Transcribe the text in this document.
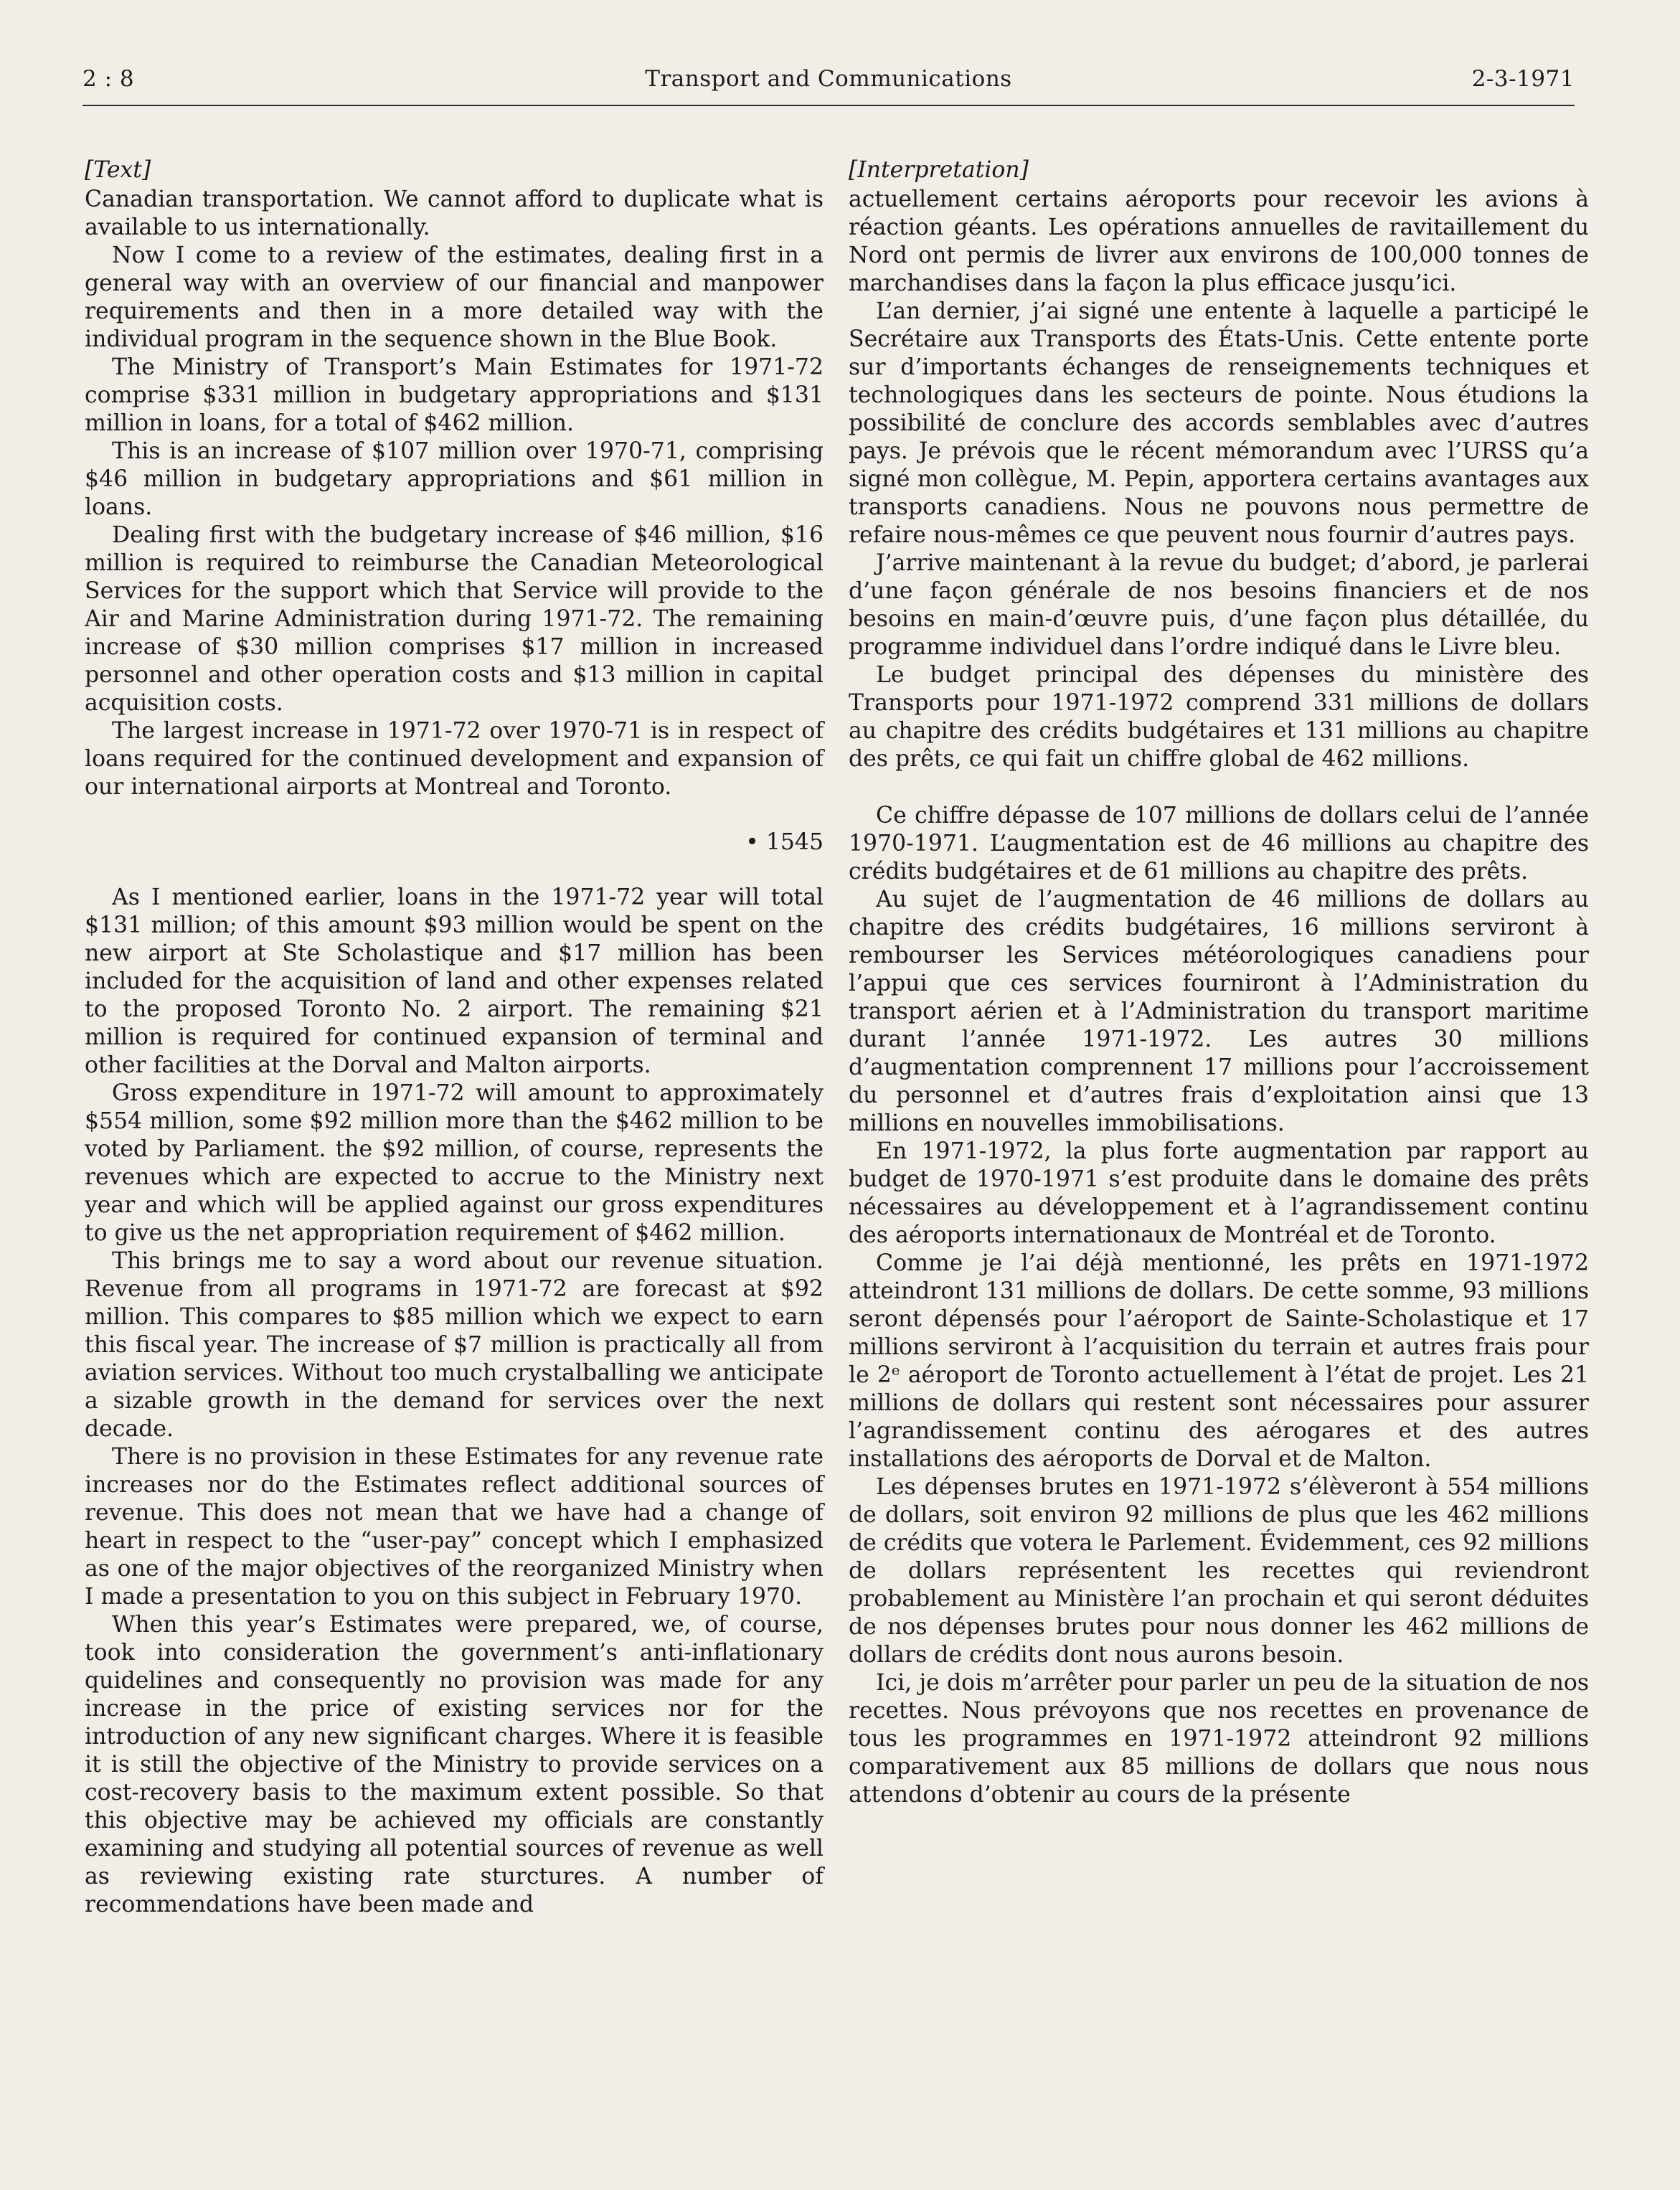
2 : 8	Transport and Communications	2-3-1971
[Text]

Canadian transportation. We cannot afford to duplicate what is available to us internationally.

Now I come to a review of the estimates, dealing first in a general way with an overview of our financial and manpower requirements and then in a more detailed way with the individual program in the sequence shown in the Blue Book.

The Ministry of Transport’s Main Estimates for 1971-72 comprise $331 million in budgetary appropriations and $131 million in loans, for a total of $462 million.

This is an increase of $107 million over 1970-71, comprising $46 million in budgetary appropriations and $61 million in loans.

Dealing first with the budgetary increase of $46 million, $16 million is required to reimburse the Canadian Meteorological Services for the support which that Service will provide to the Air and Marine Administration during 1971-72. The remaining increase of $30 million comprises $17 million in increased personnel and other operation costs and $13 million in capital acquisition costs.

The largest increase in 1971-72 over 1970-71 is in respect of loans required for the continued development and expansion of our international airports at Montreal and Toronto.

• 1545

As I mentioned earlier, loans in the 1971-72 year will total $131 million; of this amount $93 million would be spent on the new airport at Ste Scholastique and $17 million has been included for the acquisition of land and other expenses related to the proposed Toronto No. 2 airport. The remaining $21 million is required for continued expansion of terminal and other facilities at the Dorval and Malton airports.

Gross expenditure in 1971-72 will amount to approximately $554 million, some $92 million more than the $462 million to be voted by Parliament. the $92 million, of course, represents the revenues which are expected to accrue to the Ministry next year and which will be applied against our gross expenditures to give us the net appropriation requirement of $462 million.

This brings me to say a word about our revenue situation. Revenue from all programs in 1971-72 are forecast at $92 million. This compares to $85 million which we expect to earn this fiscal year. The increase of $7 million is practically all from aviation services. Without too much crystalballing we anticipate a sizable growth in the demand for services over the next decade.

There is no provision in these Estimates for any revenue rate increases nor do the Estimates reflect additional sources of revenue. This does not mean that we have had a change of heart in respect to the “user-pay” concept which I emphasized as one of the major objectives of the reorganized Ministry when I made a presentation to you on this subject in February 1970.

When this year’s Estimates were prepared, we, of course, took into consideration the government’s anti-inflationary quidelines and consequently no provision was made for any increase in the price of existing services nor for the introduction of any new significant charges. Where it is feasible it is still the objective of the Ministry to provide services on a cost-recovery basis to the maximum extent possible. So that this objective may be achieved my officials are constantly examining and studying all potential sources of revenue as well as reviewing existing rate sturctures. A number of recommendations have been made and

[Interpretation]

actuellement certains aéroports pour recevoir les avions à réaction géants. Les opérations annuelles de ravitaillement du Nord ont permis de livrer aux environs de 100,000 tonnes de marchandises dans la façon la plus efficace jusqu’ici.

L’an dernier, j’ai signé une entente à laquelle a participé le Secrétaire aux Transports des États-Unis. Cette entente porte sur d’importants échanges de renseignements techniques et technologiques dans les secteurs de pointe. Nous étudions la possibilité de conclure des accords semblables avec d’autres pays. Je prévois que le récent mémorandum avec l’URSS qu’a signé mon collègue, M. Pepin, apportera certains avantages aux transports canadiens. Nous ne pouvons nous permettre de refaire nous-mêmes ce que peuvent nous fournir d’autres pays.

J’arrive maintenant à la revue du budget; d’abord, je parlerai d’une façon générale de nos besoins financiers et de nos besoins en main-d’œuvre puis, d’une façon plus détaillée, du programme individuel dans l’ordre indiqué dans le Livre bleu.

Le budget principal des dépenses du ministère des Transports pour 1971-1972 comprend 331 millions de dollars au chapitre des crédits budgétaires et 131 millions au chapitre des prêts, ce qui fait un chiffre global de 462 millions.

Ce chiffre dépasse de 107 millions de dollars celui de l’année 1970-1971. L’augmentation est de 46 millions au chapitre des crédits budgétaires et de 61 millions au chapitre des prêts.

Au sujet de l’augmentation de 46 millions de dollars au chapitre des crédits budgétaires, 16 millions serviront à rembourser les Services météorologiques canadiens pour l’appui que ces services fourniront à l’Administration du transport aérien et à l’Administration du transport maritime durant l’année 1971-1972. Les autres 30 millions d’augmentation comprennent 17 millions pour l’accroissement du personnel et d’autres frais d’exploitation ainsi que 13 millions en nouvelles immobilisations.

En 1971-1972, la plus forte augmentation par rapport au budget de 1970-1971 s’est produite dans le domaine des prêts nécessaires au développement et à l’agrandissement continu des aéroports internationaux de Montréal et de Toronto.

Comme je l’ai déjà mentionné, les prêts en 1971-1972 atteindront 131 millions de dollars. De cette somme, 93 millions seront dépensés pour l’aéroport de Sainte-Scholastique et 17 millions serviront à l’acquisition du terrain et autres frais pour le 2ᵉ aéroport de Toronto actuellement à l’état de projet. Les 21 millions de dollars qui restent sont nécessaires pour assurer l’agrandissement continu des aérogares et des autres installations des aéroports de Dorval et de Malton.

Les dépenses brutes en 1971-1972 s’élèveront à 554 millions de dollars, soit environ 92 millions de plus que les 462 millions de crédits que votera le Parlement. Évidemment, ces 92 millions de dollars représentent les recettes qui reviendront probablement au Ministère l’an prochain et qui seront déduites de nos dépenses brutes pour nous donner les 462 millions de dollars de crédits dont nous aurons besoin.

Ici, je dois m’arrêter pour parler un peu de la situation de nos recettes. Nous prévoyons que nos recettes en provenance de tous les programmes en 1971-1972 atteindront 92 millions comparativement aux 85 millions de dollars que nous nous attendons d’obtenir au cours de la présente
